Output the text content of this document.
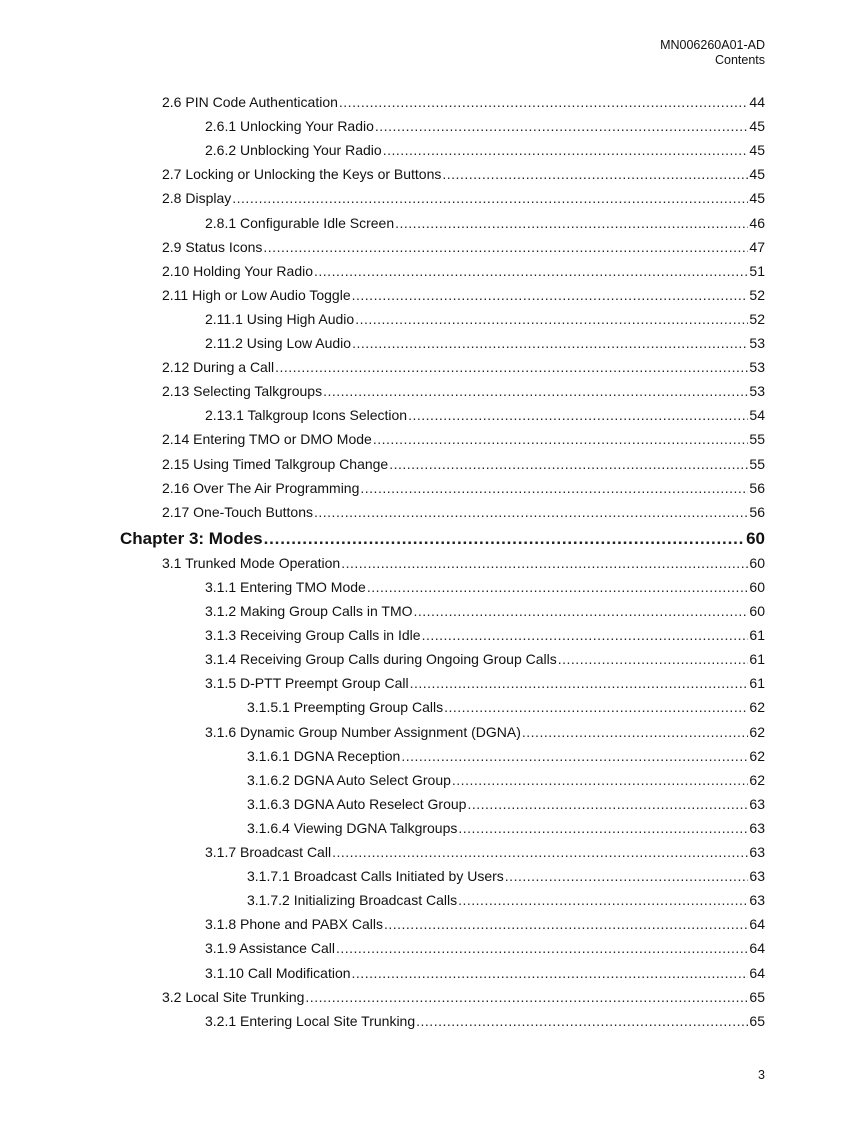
MN006260A01-AD
Contents
2.6 PIN Code Authentication .....	44
2.6.1 Unlocking Your Radio .....	45
2.6.2 Unblocking Your Radio .....	45
2.7 Locking or Unlocking the Keys or Buttons .....	45
2.8 Display .....	45
2.8.1 Configurable Idle Screen .....	46
2.9 Status Icons .....	47
2.10 Holding Your Radio .....	51
2.11 High or Low Audio Toggle .....	52
2.11.1 Using High Audio .....	52
2.11.2 Using Low Audio .....	53
2.12 During a Call .....	53
2.13 Selecting Talkgroups .....	53
2.13.1 Talkgroup Icons Selection .....	54
2.14 Entering TMO or DMO Mode .....	55
2.15 Using Timed Talkgroup Change .....	55
2.16 Over The Air Programming .....	56
2.17 One-Touch Buttons .....	56
Chapter 3: Modes .....	60
3.1 Trunked Mode Operation .....	60
3.1.1 Entering TMO Mode .....	60
3.1.2 Making Group Calls in TMO .....	60
3.1.3 Receiving Group Calls in Idle .....	61
3.1.4 Receiving Group Calls during Ongoing Group Calls .....	61
3.1.5 D-PTT Preempt Group Call .....	61
3.1.5.1 Preempting Group Calls .....	62
3.1.6 Dynamic Group Number Assignment (DGNA) .....	62
3.1.6.1 DGNA Reception .....	62
3.1.6.2 DGNA Auto Select Group .....	62
3.1.6.3 DGNA Auto Reselect Group .....	63
3.1.6.4 Viewing DGNA Talkgroups .....	63
3.1.7 Broadcast Call .....	63
3.1.7.1 Broadcast Calls Initiated by Users .....	63
3.1.7.2 Initializing Broadcast Calls .....	63
3.1.8 Phone and PABX Calls .....	64
3.1.9 Assistance Call .....	64
3.1.10 Call Modification .....	64
3.2 Local Site Trunking .....	65
3.2.1 Entering Local Site Trunking .....	65
3
